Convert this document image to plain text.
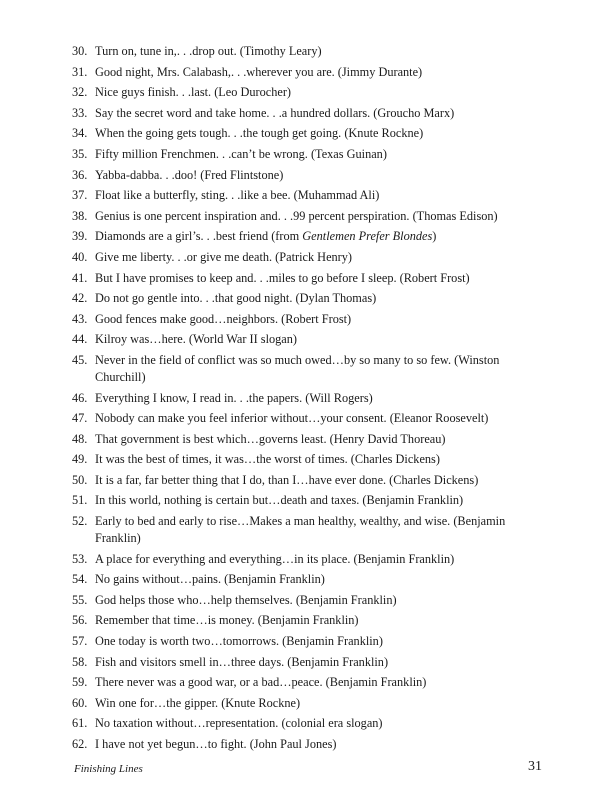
30. Turn on, tune in,. . .drop out. (Timothy Leary)
31. Good night, Mrs. Calabash,. . .wherever you are. (Jimmy Durante)
32. Nice guys finish. . .last. (Leo Durocher)
33. Say the secret word and take home. . .a hundred dollars. (Groucho Marx)
34. When the going gets tough. . .the tough get going. (Knute Rockne)
35. Fifty million Frenchmen. . .can’t be wrong. (Texas Guinan)
36. Yabba-dabba. . .doo! (Fred Flintstone)
37. Float like a butterfly, sting. . .like a bee. (Muhammad Ali)
38. Genius is one percent inspiration and. . .99 percent perspiration. (Thomas Edison)
39. Diamonds are a girl’s. . .best friend (from Gentlemen Prefer Blondes)
40. Give me liberty. . .or give me death. (Patrick Henry)
41. But I have promises to keep and. . .miles to go before I sleep. (Robert Frost)
42. Do not go gentle into. . .that good night. (Dylan Thomas)
43. Good fences make good…neighbors. (Robert Frost)
44. Kilroy was…here. (World War II slogan)
45. Never in the field of conflict was so much owed…by so many to so few. (Winston Churchill)
46. Everything I know, I read in. . .the papers. (Will Rogers)
47. Nobody can make you feel inferior without…your consent. (Eleanor Roosevelt)
48. That government is best which…governs least. (Henry David Thoreau)
49. It was the best of times, it was…the worst of times. (Charles Dickens)
50. It is a far, far better thing that I do, than I…have ever done. (Charles Dickens)
51. In this world, nothing is certain but…death and taxes. (Benjamin Franklin)
52. Early to bed and early to rise…Makes a man healthy, wealthy, and wise. (Benjamin Franklin)
53. A place for everything and everything…in its place. (Benjamin Franklin)
54. No gains without…pains. (Benjamin Franklin)
55. God helps those who…help themselves. (Benjamin Franklin)
56. Remember that time…is money. (Benjamin Franklin)
57. One today is worth two…tomorrows. (Benjamin Franklin)
58. Fish and visitors smell in…three days. (Benjamin Franklin)
59. There never was a good war, or a bad…peace. (Benjamin Franklin)
60. Win one for…the gipper. (Knute Rockne)
61. No taxation without…representation. (colonial era slogan)
62. I have not yet begun…to fight. (John Paul Jones)
Finishing Lines	31
